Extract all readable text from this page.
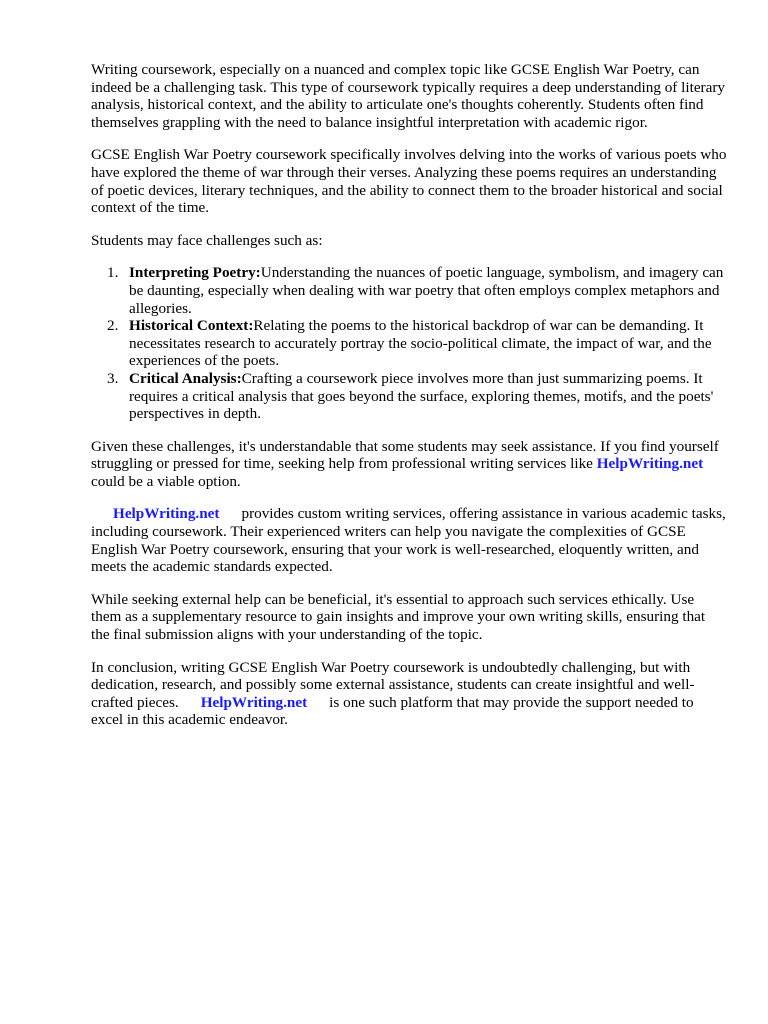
Writing coursework, especially on a nuanced and complex topic like GCSE English War Poetry, can indeed be a challenging task. This type of coursework typically requires a deep understanding of literary analysis, historical context, and the ability to articulate one's thoughts coherently. Students often find themselves grappling with the need to balance insightful interpretation with academic rigor.

GCSE English War Poetry coursework specifically involves delving into the works of various poets who have explored the theme of war through their verses. Analyzing these poems requires an understanding of poetic devices, literary techniques, and the ability to connect them to the broader historical and social context of the time.

Students may face challenges such as:

1. Interpreting Poetry:Understanding the nuances of poetic language, symbolism, and imagery can be daunting, especially when dealing with war poetry that often employs complex metaphors and allegories.
2. Historical Context:Relating the poems to the historical backdrop of war can be demanding. It necessitates research to accurately portray the socio-political climate, the impact of war, and the experiences of the poets.
3. Critical Analysis:Crafting a coursework piece involves more than just summarizing poems. It requires a critical analysis that goes beyond the surface, exploring themes, motifs, and the poets' perspectives in depth.

Given these challenges, it's understandable that some students may seek assistance. If you find yourself struggling or pressed for time, seeking help from professional writing services like HelpWriting.netcould be a viable option.

HelpWriting.net provides custom writing services, offering assistance in various academic tasks, including coursework. Their experienced writers can help you navigate the complexities of GCSE English War Poetry coursework, ensuring that your work is well-researched, eloquently written, and meets the academic standards expected.

While seeking external help can be beneficial, it's essential to approach such services ethically. Use them as a supplementary resource to gain insights and improve your own writing skills, ensuring that the final submission aligns with your understanding of the topic.

In conclusion, writing GCSE English War Poetry coursework is undoubtedly challenging, but with dedication, research, and possibly some external assistance, students can create insightful and well-crafted pieces. HelpWriting.net is one such platform that may provide the support needed to excel in this academic endeavor.
